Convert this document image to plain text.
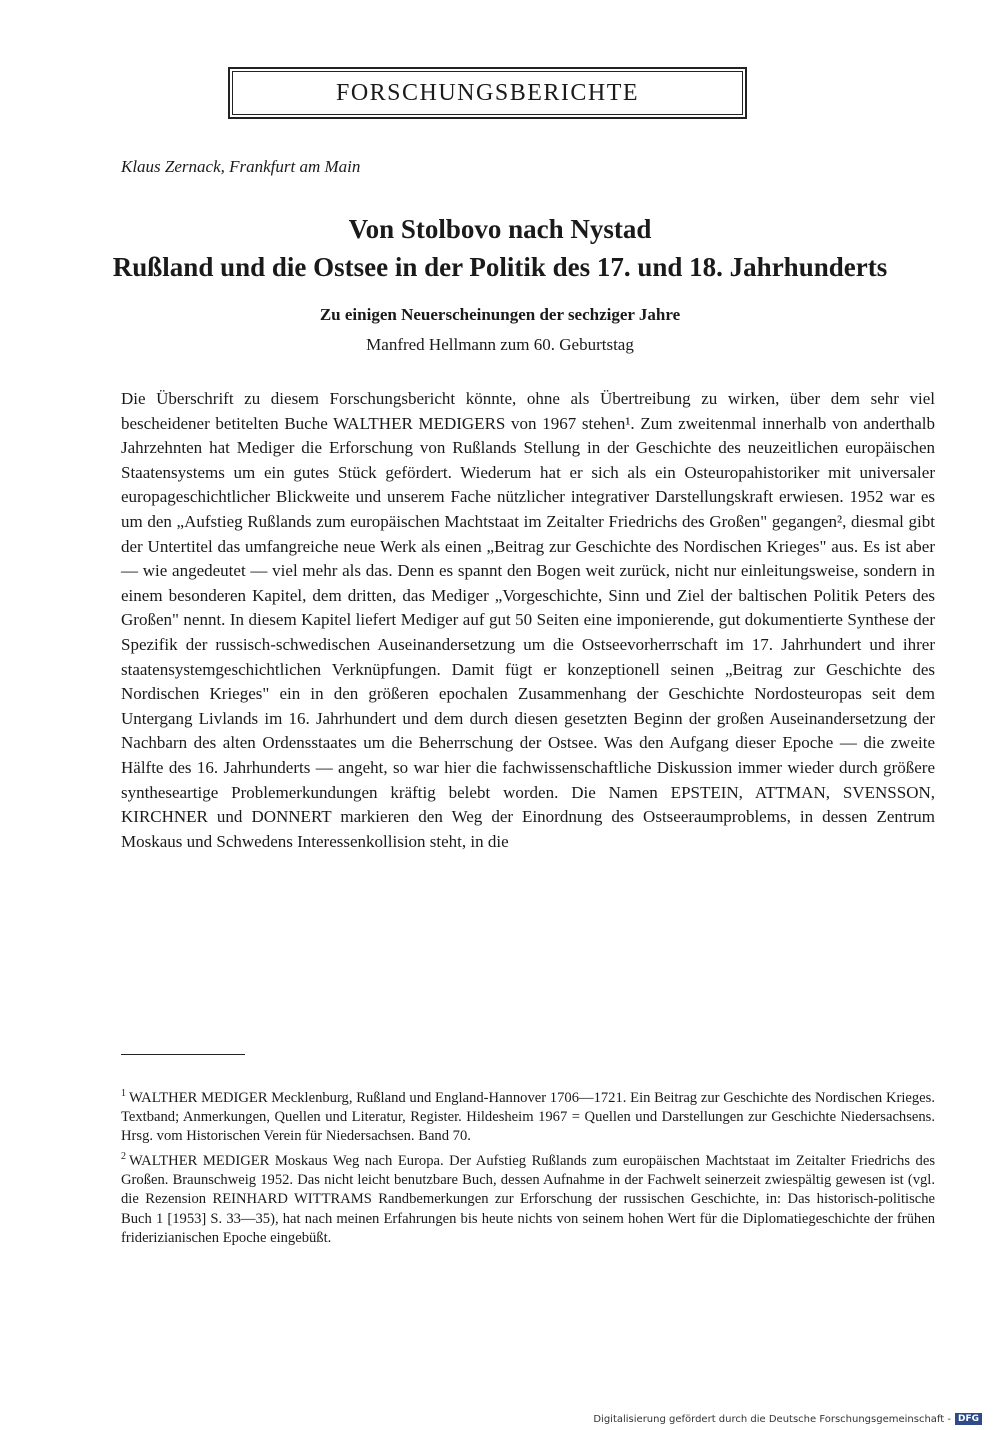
FORSCHUNGSBERICHTE
Klaus Zernack, Frankfurt am Main

Von Stolbovo nach Nystad

Rußland und die Ostsee in der Politik des 17. und 18. Jahrhunderts

Zu einigen Neuerscheinungen der sechziger Jahre
Manfred Hellmann zum 60. Geburtstag

Die Überschrift zu diesem Forschungsbericht könnte, ohne als Übertreibung zu wirken, über dem sehr viel bescheidener betitelten Buche WALTHER MEDIGERS von 1967 stehen¹. Zum zweitenmal innerhalb von anderthalb Jahrzehnten hat Mediger die Erforschung von Rußlands Stellung in der Geschichte des neuzeitlichen europäischen Staatensystems um ein gutes Stück gefördert. Wiederum hat er sich als ein Osteuropahistoriker mit universaler europageschichtlicher Blickweite und unserem Fache nützlicher integrativer Darstellungskraft erwiesen. 1952 war es um den „Aufstieg Rußlands zum europäischen Machtstaat im Zeitalter Friedrichs des Großen" gegangen², diesmal gibt der Untertitel das umfangreiche neue Werk als einen „Beitrag zur Geschichte des Nordischen Krieges" aus. Es ist aber — wie angedeutet — viel mehr als das. Denn es spannt den Bogen weit zurück, nicht nur einleitungsweise, sondern in einem besonderen Kapitel, dem dritten, das Mediger „Vorgeschichte, Sinn und Ziel der baltischen Politik Peters des Großen" nennt. In diesem Kapitel liefert Mediger auf gut 50 Seiten eine imponierende, gut dokumentierte Synthese der Spezifik der russisch-schwedischen Auseinandersetzung um die Ostseevorherrschaft im 17. Jahrhundert und ihrer staatensystemgeschichtlichen Verknüpfungen. Damit fügt er konzeptionell seinen „Beitrag zur Geschichte des Nordischen Krieges" ein in den größeren epochalen Zusammenhang der Geschichte Nordosteuropas seit dem Untergang Livlands im 16. Jahrhundert und dem durch diesen gesetzten Beginn der großen Auseinandersetzung der Nachbarn des alten Ordensstaates um die Beherrschung der Ostsee. Was den Aufgang dieser Epoche — die zweite Hälfte des 16. Jahrhunderts — angeht, so war hier die fachwissenschaftliche Diskussion immer wieder durch größere syntheseartige Problemerkundungen kräftig belebt worden. Die Namen EPSTEIN, ATTMAN, SVENSSON, KIRCHNER und DONNERT markieren den Weg der Einordnung des Ostseeraumproblems, in dessen Zentrum Moskaus und Schwedens Interessenkollision steht, in die

$^1$ WALTHER MEDIGER Mecklenburg, Rußland und England-Hannover 1706—1721. Ein Beitrag zur Geschichte des Nordischen Krieges. Textband; Anmerkungen, Quellen und Literatur, Register. Hildesheim 1967 = Quellen und Darstellungen zur Geschichte Niedersachsens. Hrsg. vom Historischen Verein für Niedersachsen. Band 70.

$^2$ WALTHER MEDIGER Moskaus Weg nach Europa. Der Aufstieg Rußlands zum europäischen Machtstaat im Zeitalter Friedrichs des Großen. Braunschweig 1952. Das nicht leicht benutzbare Buch, dessen Aufnahme in der Fachwelt seinerzeit zwiespältig gewesen ist (vgl. die Rezension REINHARD WITTRAMS Randbemerkungen zur Erforschung der russischen Geschichte, in: Das historisch-politische Buch 1 [1953] S. 33—35), hat nach meinen Erfahrungen bis heute nichts von seinem hohen Wert für die Diplomatiegeschichte der frühen friderizianischen Epoche eingebüßt.

Digitalisierung gefördert durch die Deutsche Forschungsgemeinschaft - DFG
